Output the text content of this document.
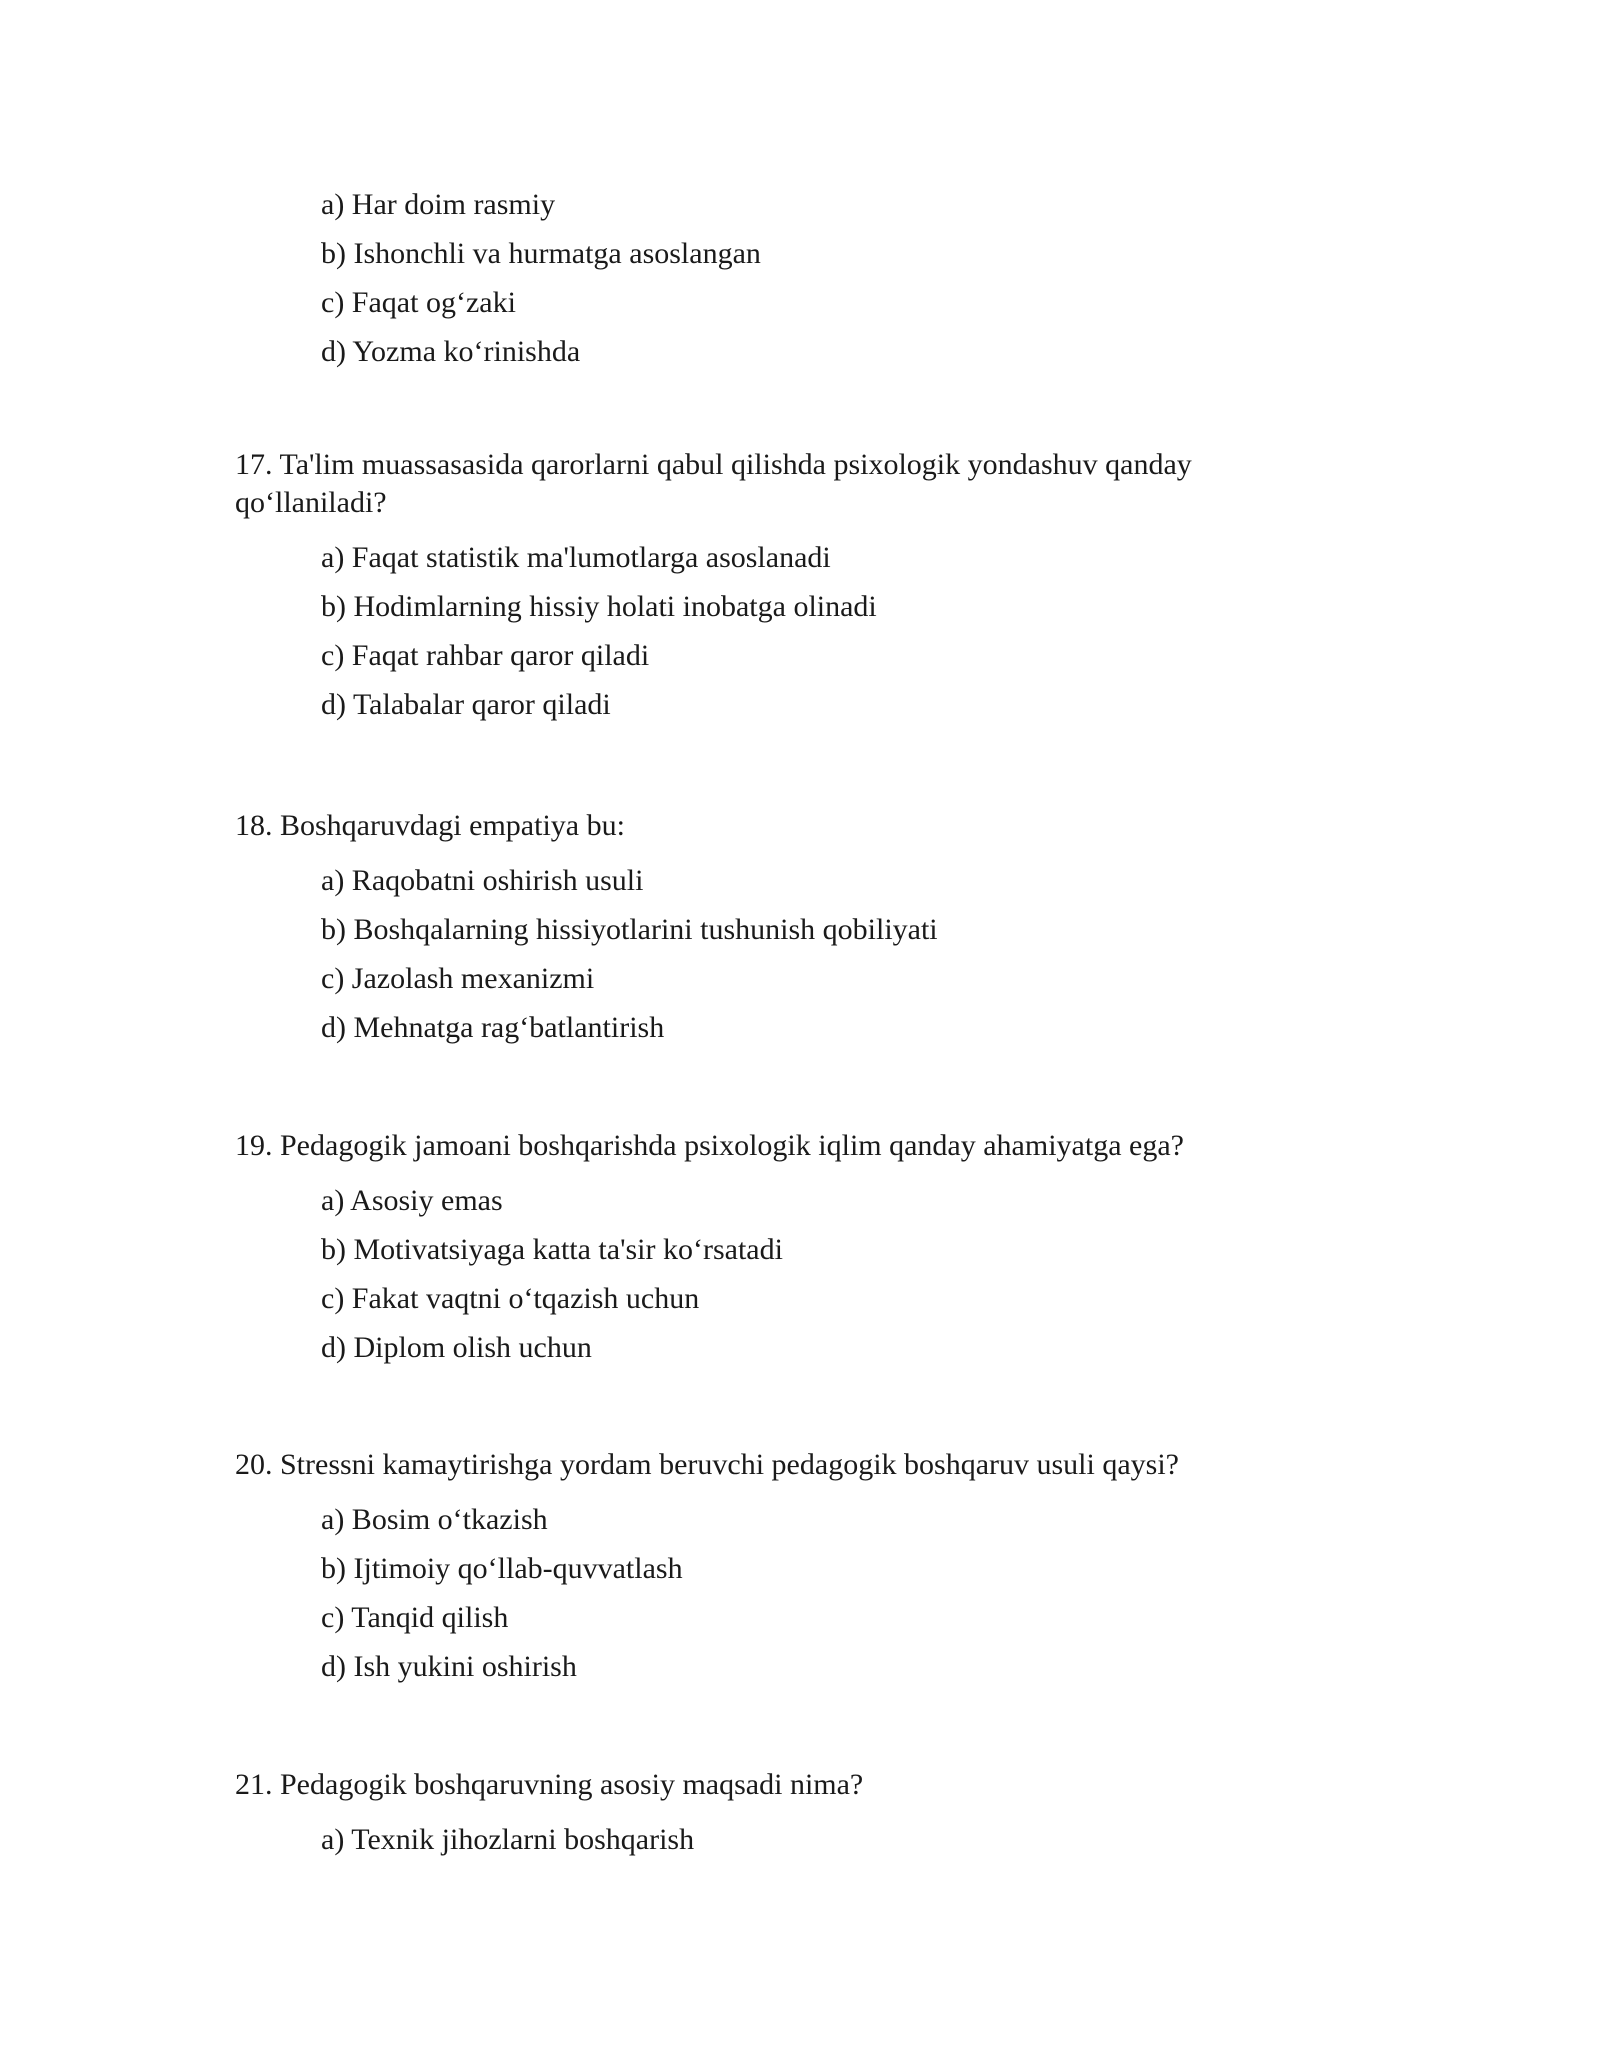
a) Har doim rasmiy
b) Ishonchli va hurmatga asoslangan
c) Faqat og‘zaki
d) Yozma ko‘rinishda

17. Ta'lim muassasasida qarorlarni qabul qilishda psixologik yondashuv qanday qo‘llaniladi?

a) Faqat statistik ma'lumotlarga asoslanadi
b) Hodimlarning hissiy holati inobatga olinadi
c) Faqat rahbar qaror qiladi
d) Talabalar qaror qiladi

18. Boshqaruvdagi empatiya bu:

a) Raqobatni oshirish usuli
b) Boshqalarning hissiyotlarini tushunish qobiliyati
c) Jazolash mexanizmi
d) Mehnatga rag‘batlantirish

19. Pedagogik jamoani boshqarishda psixologik iqlim qanday ahamiyatga ega?

a) Asosiy emas
b) Motivatsiyaga katta ta'sir ko‘rsatadi
c) Fakat vaqtni o‘tqazish uchun
d) Diplom olish uchun

20. Stressni kamaytirishga yordam beruvchi pedagogik boshqaruv usuli qaysi?

a) Bosim o‘tkazish
b) Ijtimoiy qo‘llab-quvvatlash
c) Tanqid qilish
d) Ish yukini oshirish

21. Pedagogik boshqaruvning asosiy maqsadi nima?

a) Texnik jihozlarni boshqarish
